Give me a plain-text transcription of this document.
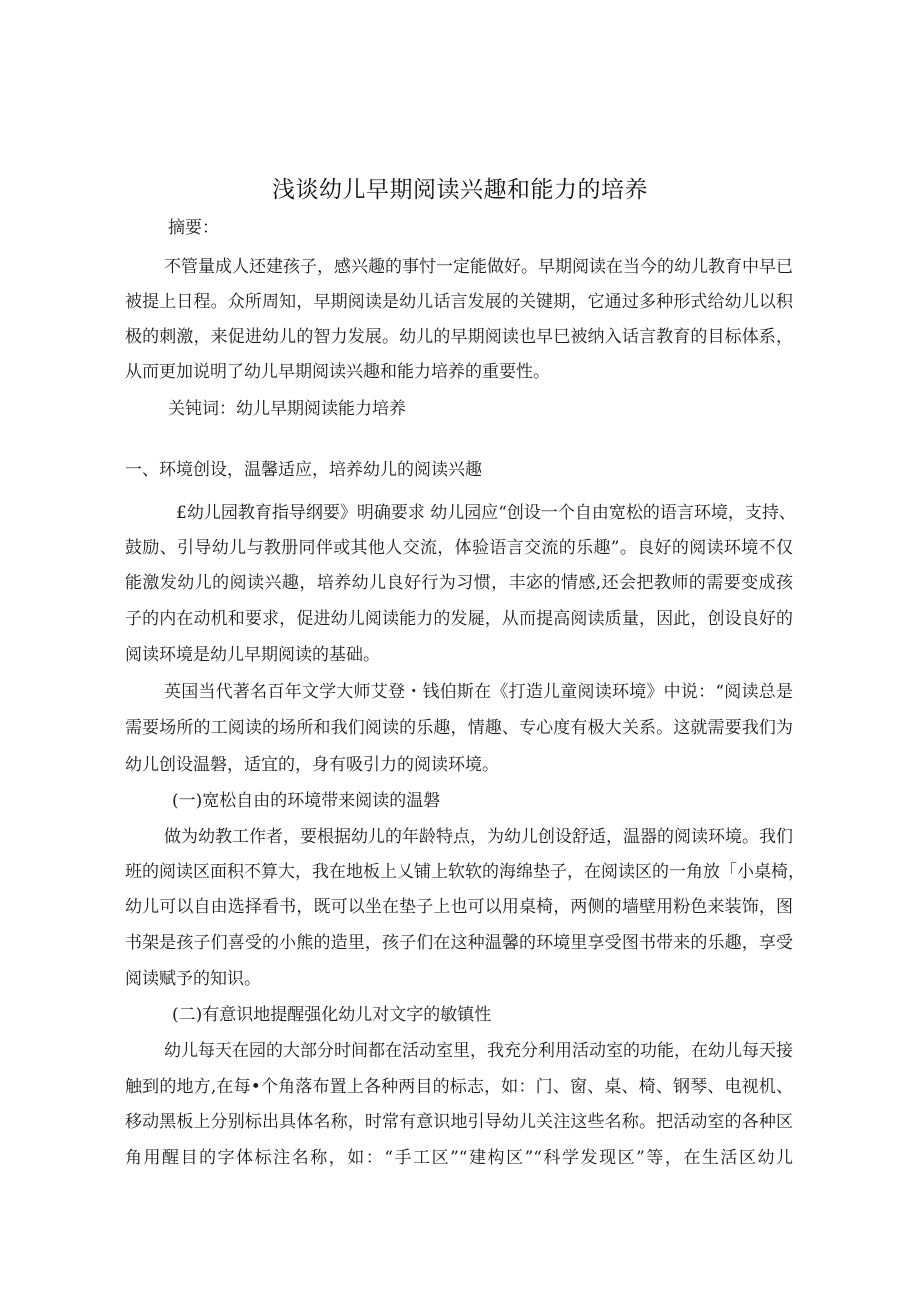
浅谈幼儿早期阅读兴趣和能力的培养

摘要：

不管量成人还建孩子，感兴趣的事忖一定能做好。早期阅读在当今的幼儿教育中早已

被提上日程。众所周知，早期阅读是幼儿话言发展的关键期，它通过多种形式给幼儿以积

极的刺激，来促进幼儿的智力发展。幼儿的早期阅读也早巳被纳入话言教育的目标体系，

从而更加说明了幼儿早期阅读兴趣和能力培养的重要性。

关钝词：幼儿早期阅读能力培养

一、环境创设，温馨适应，培养幼儿的阅读兴趣

£幼儿园教育指导纲要》明确要求 幼儿园应“创设一个自由宽松的语言环境，支持、

鼓励、引导幼儿与教册同伴或其他人交流，体验语言交流的乐趣”。良好的阅读环境不仅

能激发幼儿的阅读兴趣，培养幼儿良好行为习惯，丰宓的情感,还会把教师的需要变成孩

子的内在动机和要求，促进幼儿阅读能力的发屣，从而提高阅读质量，因此，创设良好的

阅读环境是幼儿早期阅读的基础。

英国当代著名百年文学大师艾登・钱伯斯在《打造儿童阅读环境》中说：“阅读总是

需要场所的工阅读的场所和我们阅读的乐趣，情趣、专心度有极大关系。这就需要我们为

幼儿创设温磐，适宜的，身有吸引力的阅读环境。

(一)宽松自由的环境带来阅读的温磐

做为幼教工作者，要根据幼儿的年龄特点，为幼儿创设舒适，温器的阅读环境。我们

班的阅读区面积不算大，我在地板上乂铺上软软的海绵垫子，在阅读区的一角放「小桌椅，

幼儿可以自由选择看书，既可以坐在垫子上也可以用桌椅，两侧的墙壁用粉色来装饰，图

书架是孩子们喜受的小熊的造里，孩子们在这种温馨的环境里享受图书带来的乐趣，享受

阅读赋予的知识。

(二)有意识地提醒强化幼儿对文字的敏镇性

幼儿每天在园的大部分时间都在活动室里，我充分利用活动室的功能，在幼儿每天接

触到的地方,在每•个角落布置上各种两目的标志，如：门、窗、桌、椅、钢琴、电视机、

移动黑板上分别标出具体名称，时常有意识地引导幼儿关注这些名称。把活动室的各种区

角用醒目的字体标注名称，如：“手工区”“建构区”“科学发现区”等，在生活区幼儿
